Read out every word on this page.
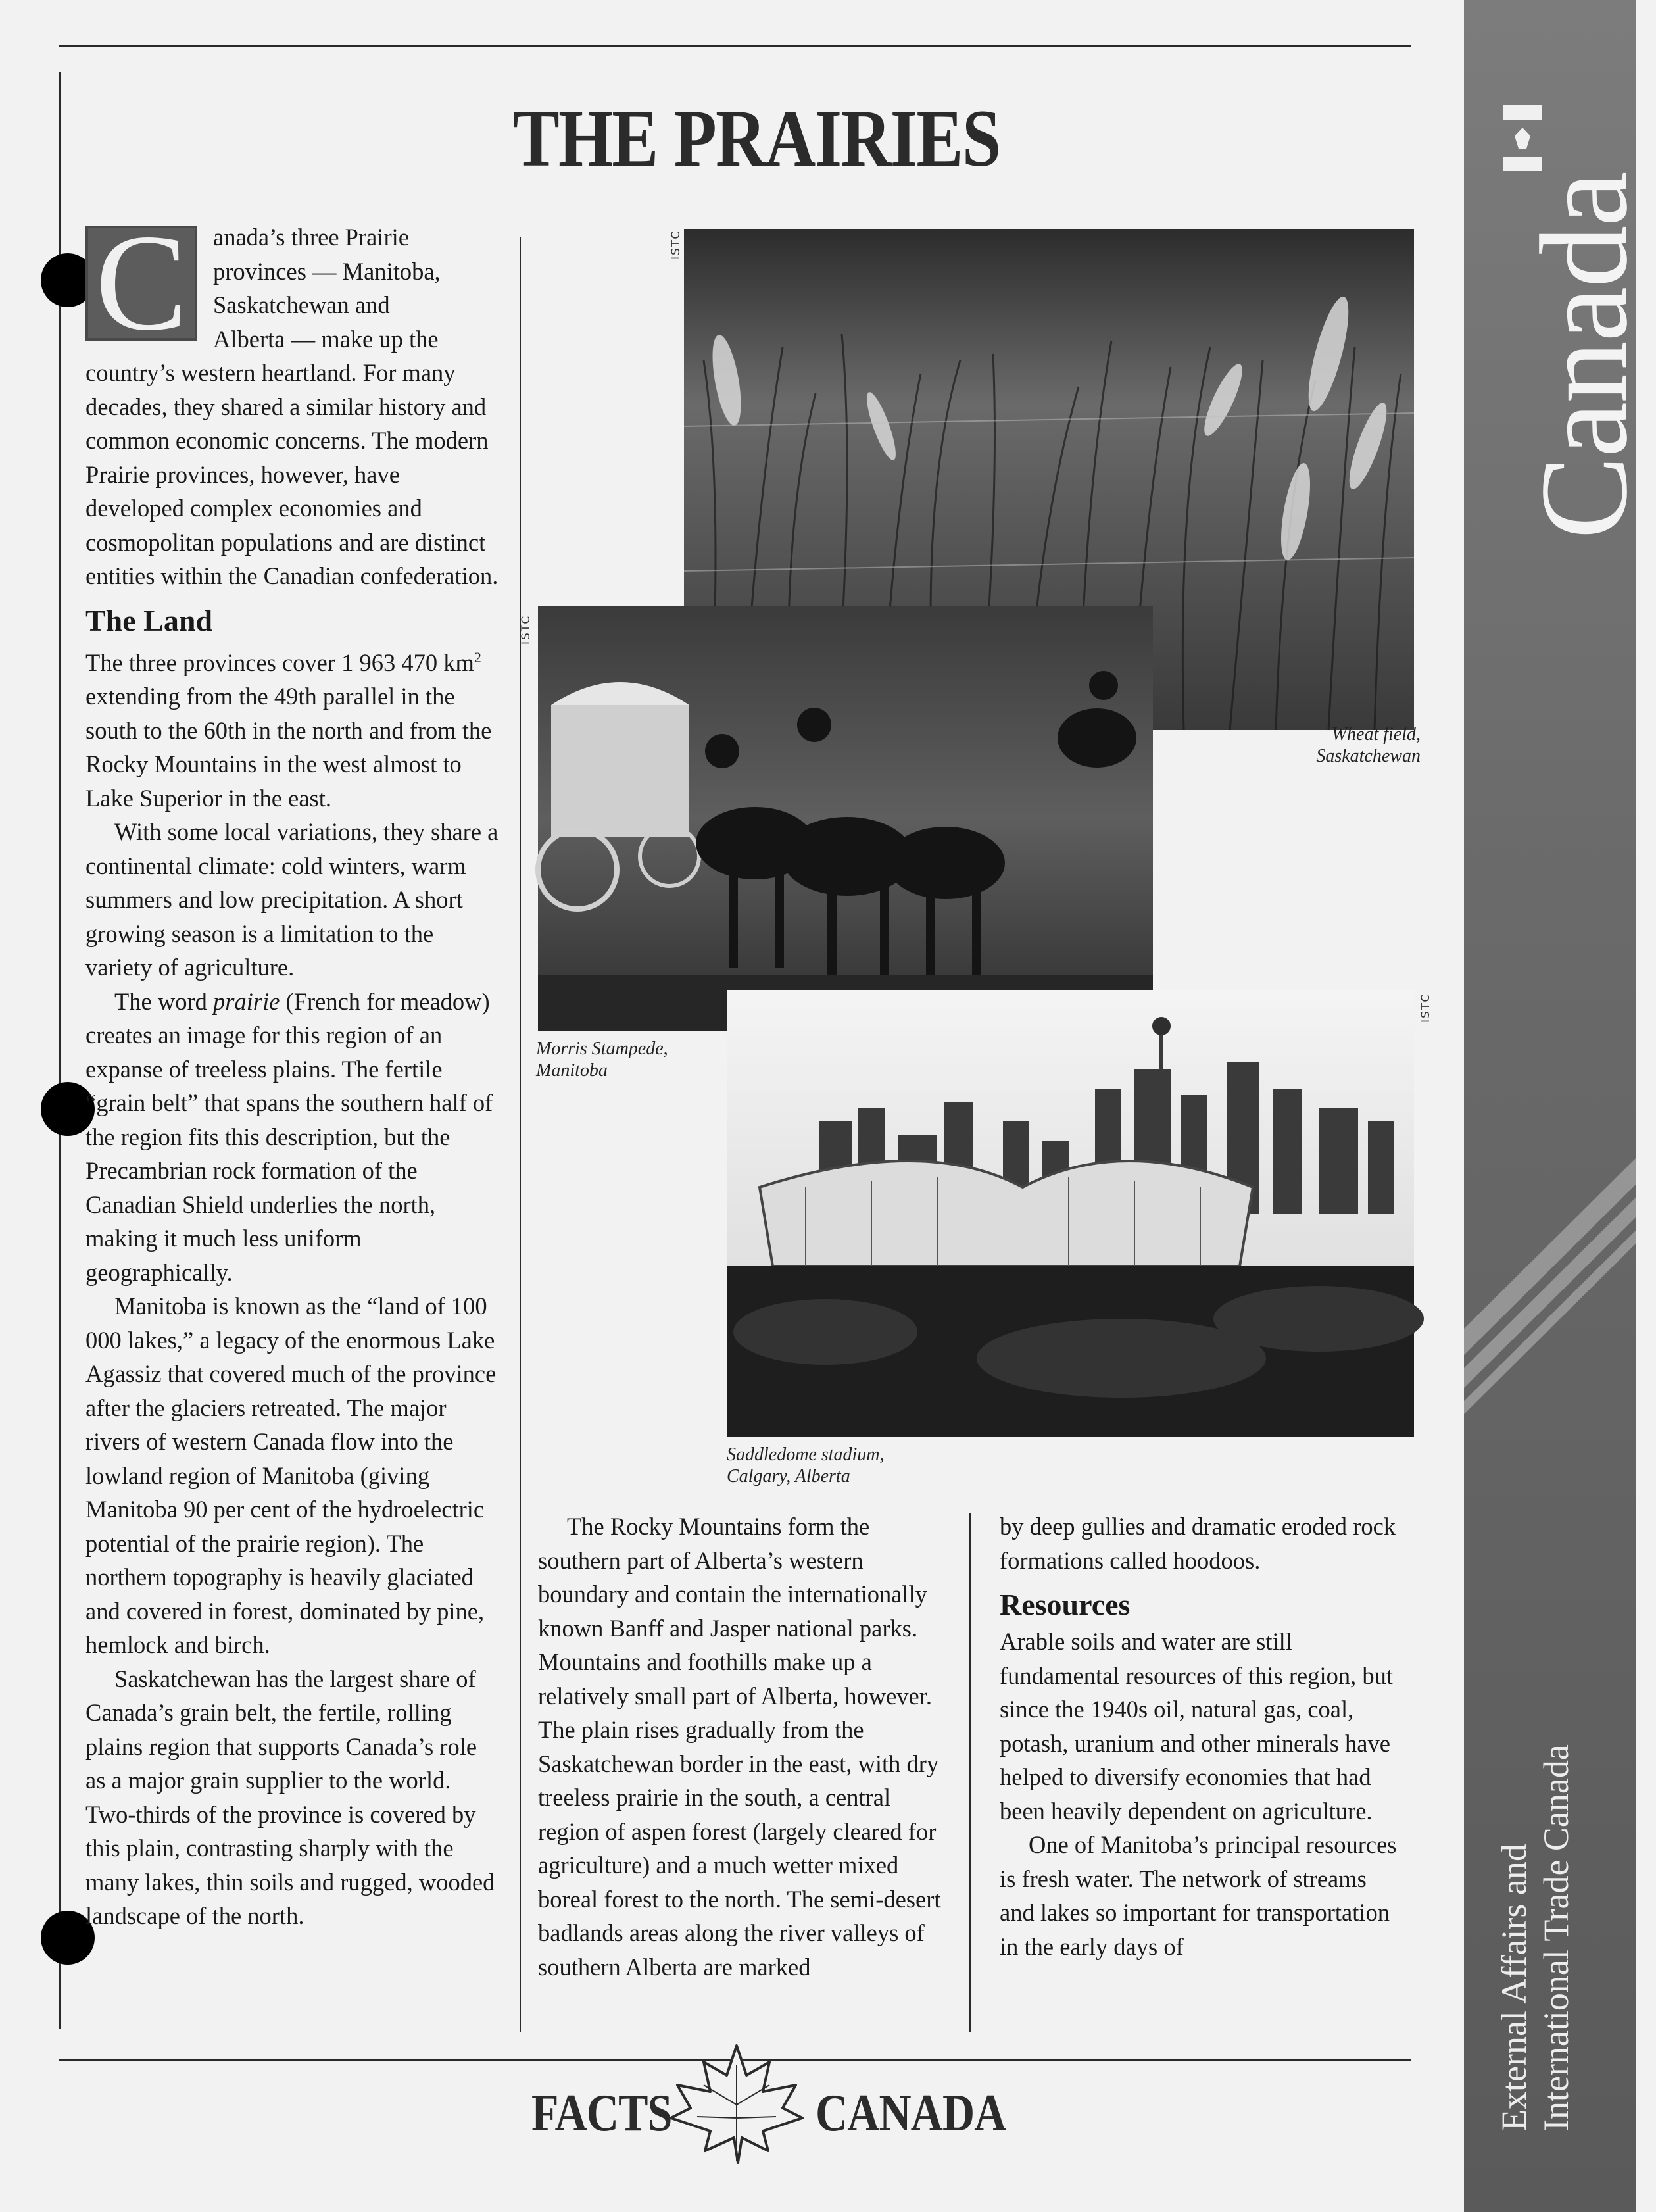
THE PRAIRIES
C	anada’s three Prairie
provinces — Manitoba,
Saskatchewan and
Alberta — make up the

country’s western heartland. For many decades, they shared a similar history and common economic concerns. The modern Prairie provinces, however, have developed complex economies and cosmopolitan populations and are distinct entities within the Canadian confederation.

The Land

The three provinces cover 1 963 470 $km^2$ extending from the 49th parallel in the south to the 60th in the north and from the Rocky Mountains in the west almost to Lake Superior in the east.

With some local variations, they share a continental climate: cold winters, warm summers and low precipitation. A short growing season is a limitation to the variety of agriculture.

The word prairie (French for meadow) creates an image for this region of an expanse of treeless plains. The fertile “grain belt” that spans the southern half of the region fits this description, but the Precambrian rock formation of the Canadian Shield underlies the north, making it much less uniform geographically.

Manitoba is known as the “land of 100 000 lakes,” a legacy of the enormous Lake Agassiz that covered much of the province after the glaciers retreated. The major rivers of western Canada flow into the lowland region of Manitoba (giving Manitoba 90 per cent of the hydroelectric potential of the prairie region). The northern topography is heavily glaciated and covered in forest, dominated by pine, hemlock and birch.

Saskatchewan has the largest share of Canada’s grain belt, the fertile, rolling plains region that supports Canada’s role as a major grain supplier to the world. Two-thirds of the province is covered by this plain, contrasting sharply with the many lakes, thin soils and rugged, wooded landscape of the north.

ISTC
ISTC
Wheat field,
Saskatchewan
Morris Stampede,
Manitoba
ISTC
Saddledome stadium,
Calgary, Alberta

The Rocky Mountains form the southern part of Alberta’s western boundary and contain the internationally known Banff and Jasper national parks. Mountains and foothills make up a relatively small part of Alberta, however. The plain rises gradually from the Saskatchewan border in the east, with dry treeless prairie in the south, a central region of aspen forest (largely cleared for agriculture) and a much wetter mixed boreal forest to the north. The semi-desert badlands areas along the river valleys of southern Alberta are marked

by deep gullies and dramatic eroded rock formations called hoodoos.

Resources

Arable soils and water are still fundamental resources of this region, but since the 1940s oil, natural gas, coal, potash, uranium and other minerals have helped to diversify economies that had been heavily dependent on agriculture.

One of Manitoba’s principal resources is fresh water. The network of streams and lakes so important for transportation in the early days of

Canada
External Affairs and International Trade Canada
FACTS	CANADA
